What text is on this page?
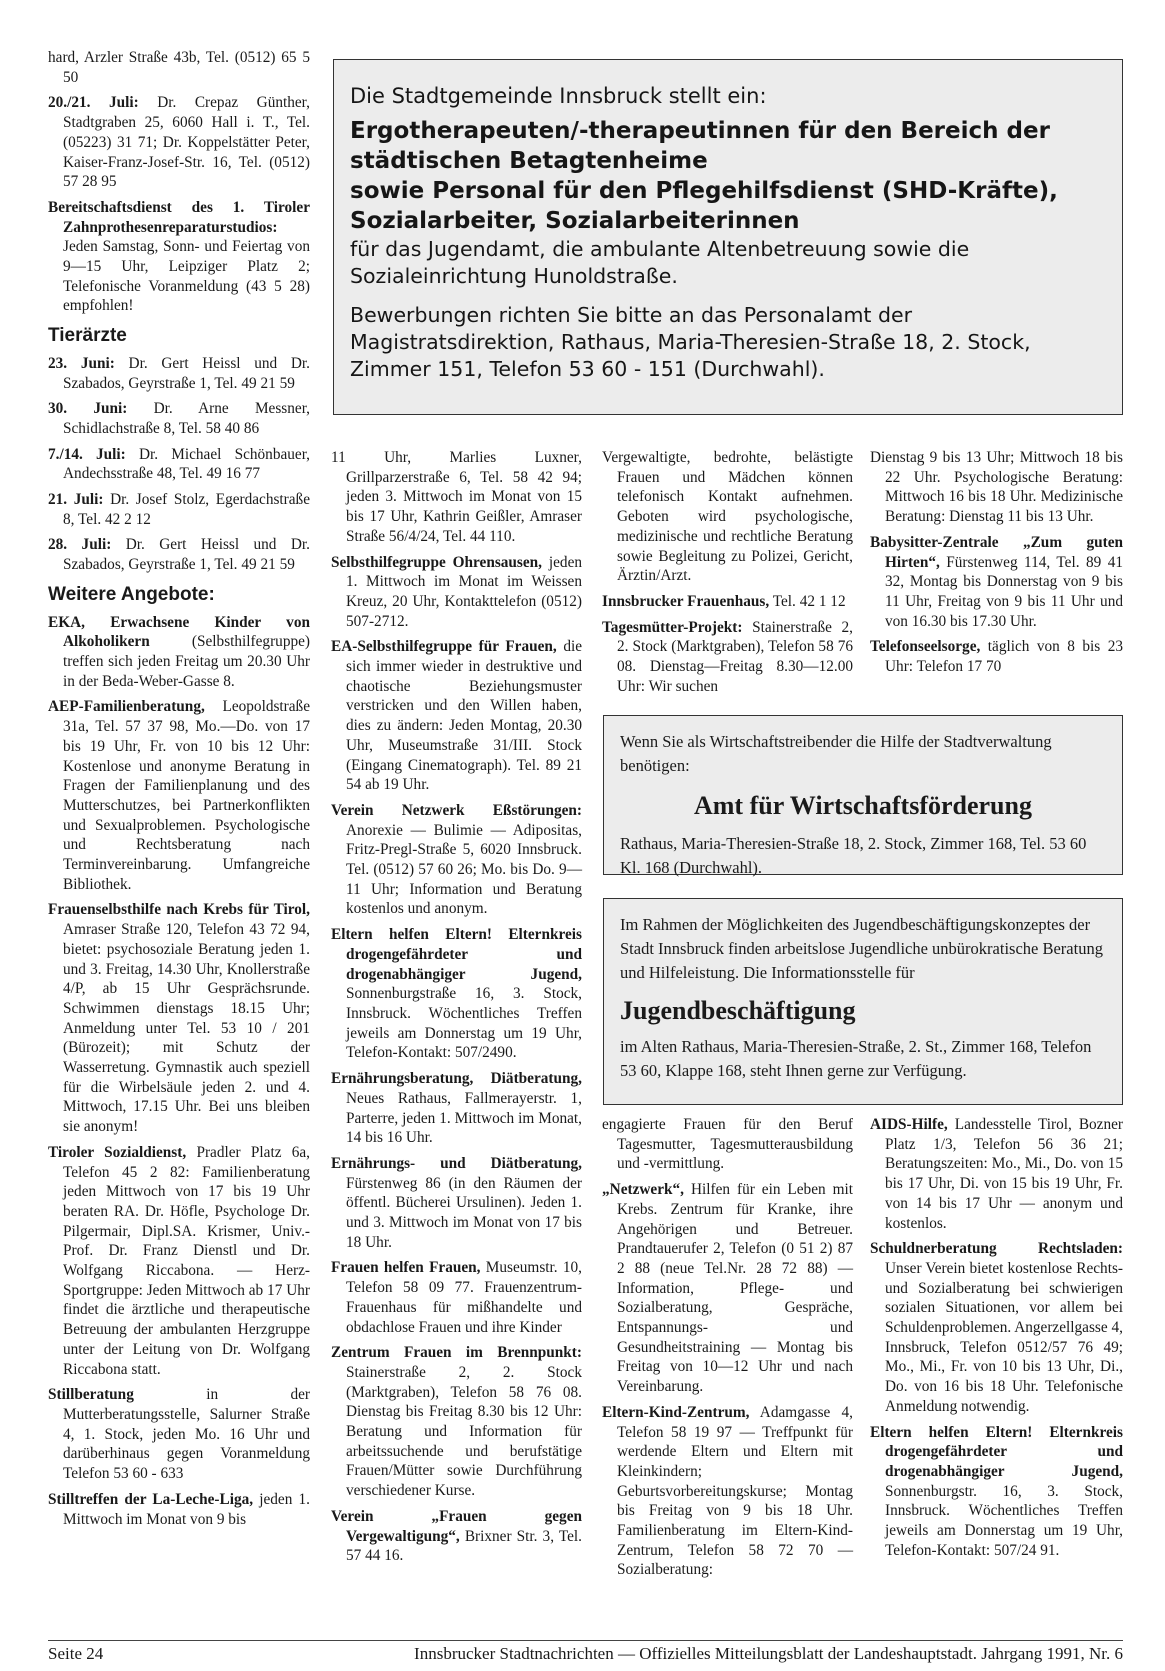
hard, Arzler Straße 43b, Tel. (0512) 65 5 50

20./21. Juli: Dr. Crepaz Günther, Stadtgraben 25, 6060 Hall i. T., Tel. (05223) 31 71; Dr. Koppelstätter Peter, Kaiser-Franz-Josef-Str. 16, Tel. (0512) 57 28 95

Bereitschaftsdienst des 1. Tiroler Zahnprothesenreparaturstudios: Jeden Samstag, Sonn- und Feiertag von 9—15 Uhr, Leipziger Platz 2; Telefonische Voranmeldung (43 5 28) empfohlen!

Tierärzte

23. Juni: Dr. Gert Heissl und Dr. Szabados, Geyrstraße 1, Tel. 49 21 59

30. Juni: Dr. Arne Messner, Schidlachstraße 8, Tel. 58 40 86

7./14. Juli: Dr. Michael Schönbauer, Andechsstraße 48, Tel. 49 16 77

21. Juli: Dr. Josef Stolz, Egerdachstraße 8, Tel. 42 2 12

28. Juli: Dr. Gert Heissl und Dr. Szabados, Geyrstraße 1, Tel. 49 21 59

Weitere Angebote:

EKA, Erwachsene Kinder von Alkoholikern (Selbsthilfegruppe) treffen sich jeden Freitag um 20.30 Uhr in der Beda-Weber-Gasse 8.

AEP-Familienberatung, Leopoldstraße 31a, Tel. 57 37 98, Mo.—Do. von 17 bis 19 Uhr, Fr. von 10 bis 12 Uhr: Kostenlose und anonyme Beratung in Fragen der Familienplanung und des Mutterschutzes, bei Partnerkonflikten und Sexualproblemen. Psychologische und Rechtsberatung nach Terminvereinbarung. Umfangreiche Bibliothek.

Frauenselbsthilfe nach Krebs für Tirol, Amraser Straße 120, Telefon 43 72 94, bietet: psychosoziale Beratung jeden 1. und 3. Freitag, 14.30 Uhr, Knollerstraße 4/P, ab 15 Uhr Gesprächsrunde. Schwimmen dienstags 18.15 Uhr; Anmeldung unter Tel. 53 10 / 201 (Bürozeit); mit Schutz der Wasserretung. Gymnastik auch speziell für die Wirbelsäule jeden 2. und 4. Mittwoch, 17.15 Uhr. Bei uns bleiben sie anonym!

Tiroler Sozialdienst, Pradler Platz 6a, Telefon 45 2 82: Familienberatung jeden Mittwoch von 17 bis 19 Uhr beraten RA. Dr. Höfle, Psychologe Dr. Pilgermair, Dipl.SA. Krismer, Univ.-Prof. Dr. Franz Dienstl und Dr. Wolfgang Riccabona. — Herz-Sportgruppe: Jeden Mittwoch ab 17 Uhr findet die ärztliche und therapeutische Betreuung der ambulanten Herzgruppe unter der Leitung von Dr. Wolfgang Riccabona statt.

Stillberatung in der Mutterberatungsstelle, Salurner Straße 4, 1. Stock, jeden Mo. 16 Uhr und darüberhinaus gegen Voranmeldung Telefon 53 60 - 633

Stilltreffen der La-Leche-Liga, jeden 1. Mittwoch im Monat von 9 bis

Die Stadtgemeinde Innsbruck stellt ein:
Ergotherapeuten/-therapeutinnen für den Bereich der städtischen Betagtenheime
sowie Personal für den Pflegehilfsdienst (SHD-Kräfte), Sozialarbeiter, Sozialarbeiterinnen
für das Jugendamt, die ambulante Altenbetreuung sowie die Sozialeinrichtung Hunoldstraße.
Bewerbungen richten Sie bitte an das Personalamt der Magistratsdirektion, Rathaus, Maria-Theresien-Straße 18, 2. Stock, Zimmer 151, Telefon 53 60 - 151 (Durchwahl).

11 Uhr, Marlies Luxner, Grillparzerstraße 6, Tel. 58 42 94; jeden 3. Mittwoch im Monat von 15 bis 17 Uhr, Kathrin Geißler, Amraser Straße 56/4/24, Tel. 44 110.

Selbsthilfegruppe Ohrensausen, jeden 1. Mittwoch im Monat im Weissen Kreuz, 20 Uhr, Kontakttelefon (0512) 507-2712.

EA-Selbsthilfegruppe für Frauen, die sich immer wieder in destruktive und chaotische Beziehungsmuster verstricken und den Willen haben, dies zu ändern: Jeden Montag, 20.30 Uhr, Museumstraße 31/III. Stock (Eingang Cinematograph). Tel. 89 21 54 ab 19 Uhr.

Verein Netzwerk Eßstörungen: Anorexie — Bulimie — Adipositas, Fritz-Pregl-Straße 5, 6020 Innsbruck. Tel. (0512) 57 60 26; Mo. bis Do. 9—11 Uhr; Information und Beratung kostenlos und anonym.

Eltern helfen Eltern! Elternkreis drogengefährdeter und drogenabhängiger Jugend, Sonnenburgstraße 16, 3. Stock, Innsbruck. Wöchentliches Treffen jeweils am Donnerstag um 19 Uhr, Telefon-Kontakt: 507/2490.

Ernährungsberatung, Diätberatung, Neues Rathaus, Fallmerayerstr. 1, Parterre, jeden 1. Mittwoch im Monat, 14 bis 16 Uhr.

Ernährungs- und Diätberatung, Fürstenweg 86 (in den Räumen der öffentl. Bücherei Ursulinen). Jeden 1. und 3. Mittwoch im Monat von 17 bis 18 Uhr.

Frauen helfen Frauen, Museumstr. 10, Telefon 58 09 77. Frauenzentrum-Frauenhaus für mißhandelte und obdachlose Frauen und ihre Kinder

Zentrum Frauen im Brennpunkt: Stainerstraße 2, 2. Stock (Marktgraben), Telefon 58 76 08. Dienstag bis Freitag 8.30 bis 12 Uhr: Beratung und Information für arbeitssuchende und berufstätige Frauen/Mütter sowie Durchführung verschiedener Kurse.

Verein „Frauen gegen Vergewaltigung“, Brixner Str. 3, Tel. 57 44 16.

Vergewaltigte, bedrohte, belästigte Frauen und Mädchen können telefonisch Kontakt aufnehmen. Geboten wird psychologische, medizinische und rechtliche Beratung sowie Begleitung zu Polizei, Gericht, Ärztin/Arzt.

Innsbrucker Frauenhaus, Tel. 42 1 12

Tagesmütter-Projekt: Stainerstraße 2, 2. Stock (Marktgraben), Telefon 58 76 08. Dienstag—Freitag 8.30—12.00 Uhr: Wir suchen

Dienstag 9 bis 13 Uhr; Mittwoch 18 bis 22 Uhr. Psychologische Beratung: Mittwoch 16 bis 18 Uhr. Medizinische Beratung: Dienstag 11 bis 13 Uhr.

Babysitter-Zentrale „Zum guten Hirten“, Fürstenweg 114, Tel. 89 41 32, Montag bis Donnerstag von 9 bis 11 Uhr, Freitag von 9 bis 11 Uhr und von 16.30 bis 17.30 Uhr.

Telefonseelsorge, täglich von 8 bis 23 Uhr: Telefon 17 70

Wenn Sie als Wirtschaftstreibender die Hilfe der Stadtverwaltung benötigen:
Amt für Wirtschaftsförderung
Rathaus, Maria-Theresien-Straße 18, 2. Stock, Zimmer 168, Tel. 53 60 Kl. 168 (Durchwahl).
Im Rahmen der Möglichkeiten des Jugendbeschäftigungskonzeptes der Stadt Innsbruck finden arbeitslose Jugendliche unbürokratische Beratung und Hilfeleistung. Die Informationsstelle für
Jugendbeschäftigung
im Alten Rathaus, Maria-Theresien-Straße, 2. St., Zimmer 168, Telefon 53 60, Klappe 168, steht Ihnen gerne zur Verfügung.

engagierte Frauen für den Beruf Tagesmutter, Tagesmutterausbildung und -vermittlung.

„Netzwerk“, Hilfen für ein Leben mit Krebs. Zentrum für Kranke, ihre Angehörigen und Betreuer. Prandtauerufer 2, Telefon (0 51 2) 87 2 88 (neue Tel.Nr. 28 72 88) — Information, Pflege- und Sozialberatung, Gespräche, Entspannungs- und Gesundheitstraining — Montag bis Freitag von 10—12 Uhr und nach Vereinbarung.

Eltern-Kind-Zentrum, Adamgasse 4, Telefon 58 19 97 — Treffpunkt für werdende Eltern und Eltern mit Kleinkindern; Geburtsvorbereitungskurse; Montag bis Freitag von 9 bis 18 Uhr. Familienberatung im Eltern-Kind-Zentrum, Telefon 58 72 70 — Sozialberatung:

AIDS-Hilfe, Landesstelle Tirol, Bozner Platz 1/3, Telefon 56 36 21; Beratungszeiten: Mo., Mi., Do. von 15 bis 17 Uhr, Di. von 15 bis 19 Uhr, Fr. von 14 bis 17 Uhr — anonym und kostenlos.

Schuldnerberatung Rechtsladen: Unser Verein bietet kostenlose Rechts- und Sozialberatung bei schwierigen sozialen Situationen, vor allem bei Schuldenproblemen. Angerzellgasse 4, Innsbruck, Telefon 0512/57 76 49; Mo., Mi., Fr. von 10 bis 13 Uhr, Di., Do. von 16 bis 18 Uhr. Telefonische Anmeldung notwendig.

Eltern helfen Eltern! Elternkreis drogengefährdeter und drogenabhängiger Jugend, Sonnenburgstr. 16, 3. Stock, Innsbruck. Wöchentliches Treffen jeweils am Donnerstag um 19 Uhr, Telefon-Kontakt: 507/24 91.

Seite 24	Innsbrucker Stadtnachrichten — Offizielles Mitteilungsblatt der Landeshauptstadt. Jahrgang 1991, Nr. 6
